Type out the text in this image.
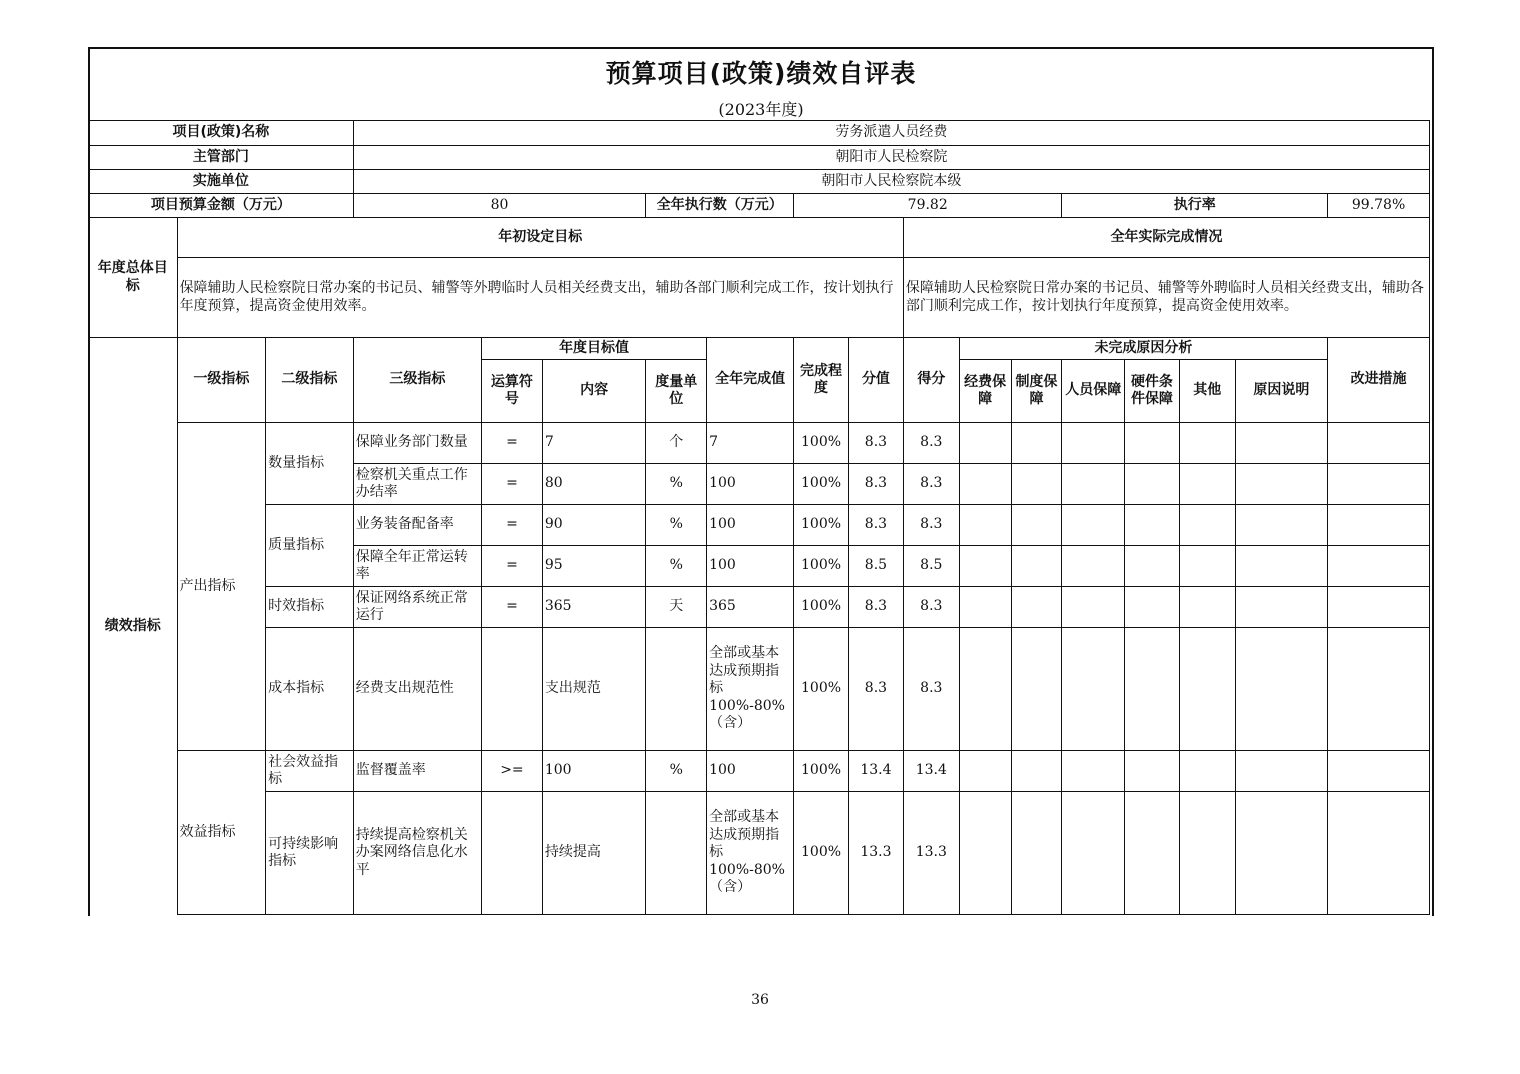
预算项目(政策)绩效自评表
(2023年度)
项目(政策)名称			劳务派遣人员经费														
主管部门			朝阳市人民检察院														
实施单位			朝阳市人民检察院本级														
项目预算金额（万元）			80			全年执行数（万元）		79.82					执行率				99.78%
年度总体目标	年初设定目标									全年实际完成情况							
	保障辅助人民检察院日常办案的书记员、辅警等外聘临时人员相关经费支出，辅助各部门顺利完成工作，按计划执行年度预算，提高资金使用效率。									保障辅助人民检察院日常办案的书记员、辅警等外聘临时人员相关经费支出，辅助各部门顺利完成工作，按计划执行年度预算，提高资金使用效率。							
绩效指标	一级指标	二级指标	三级指标	年度目标值			全年完成值	完成程度	分值	得分	未完成原因分析						改进措施
				运算符号	内容	度量单位					经费保障	制度保障	人员保障	硬件条件保障	其他	原因说明	
	产出指标	数量指标	保障业务部门数量	=	7	个	7	100%	8.3	8.3							
			检察机关重点工作办结率	=	80	%	100	100%	8.3	8.3							
		质量指标	业务装备配备率	=	90	%	100	100%	8.3	8.3							
			保障全年正常运转率	=	95	%	100	100%	8.5	8.5							
		时效指标	保证网络系统正常运行	=	365	天	365	100%	8.3	8.3							
		成本指标	经费支出规范性		支出规范		全部或基本达成预期指标100%-80%（含）	100%	8.3	8.3							
	效益指标	社会效益指标	监督覆盖率	>=	100	%	100	100%	13.4	13.4							
		可持续影响指标	持续提高检察机关办案网络信息化水平		持续提高		全部或基本达成预期指标100%-80%（含）	100%	13.3	13.3							
36
